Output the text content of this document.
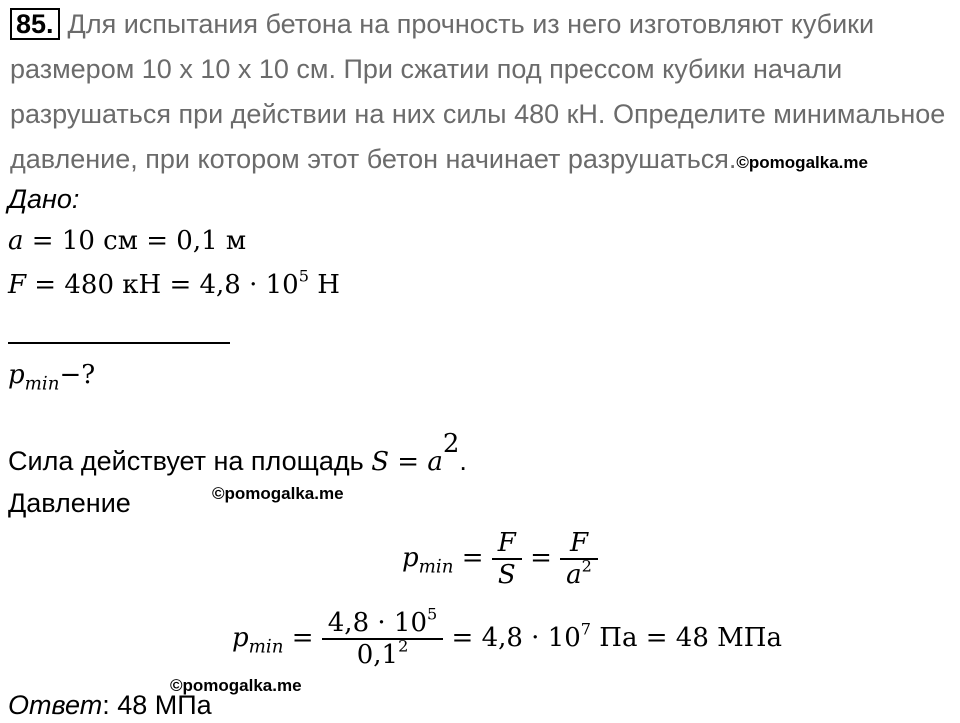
85. Для испытания бетона на прочность из него изготовляют кубики
размером 10 х 10 х 10 см. При сжатии под прессом кубики начали
разрушаться при действии на них силы 480 кН. Определите минимальное
давление, при котором этот бетон начинает разрушаться.©pomogalka.me
Дано:
a = 10 см = 0,1 м
F = 480 кН = $4,8 \cdot 10^5$ Н
$p_{min}-$?
Сила действует на площадь $S = a^2$.
Давление	©pomogalka.me
$p_{min} = \frac{F}{S} = \frac{F}{a^2}$
$p_{min} = \frac{4,8 \cdot 10^5}{0,1^2} = 4,8 \cdot 10^7$ Па = 48 МПа
©pomogalka.me
Ответ: 48 МПа
